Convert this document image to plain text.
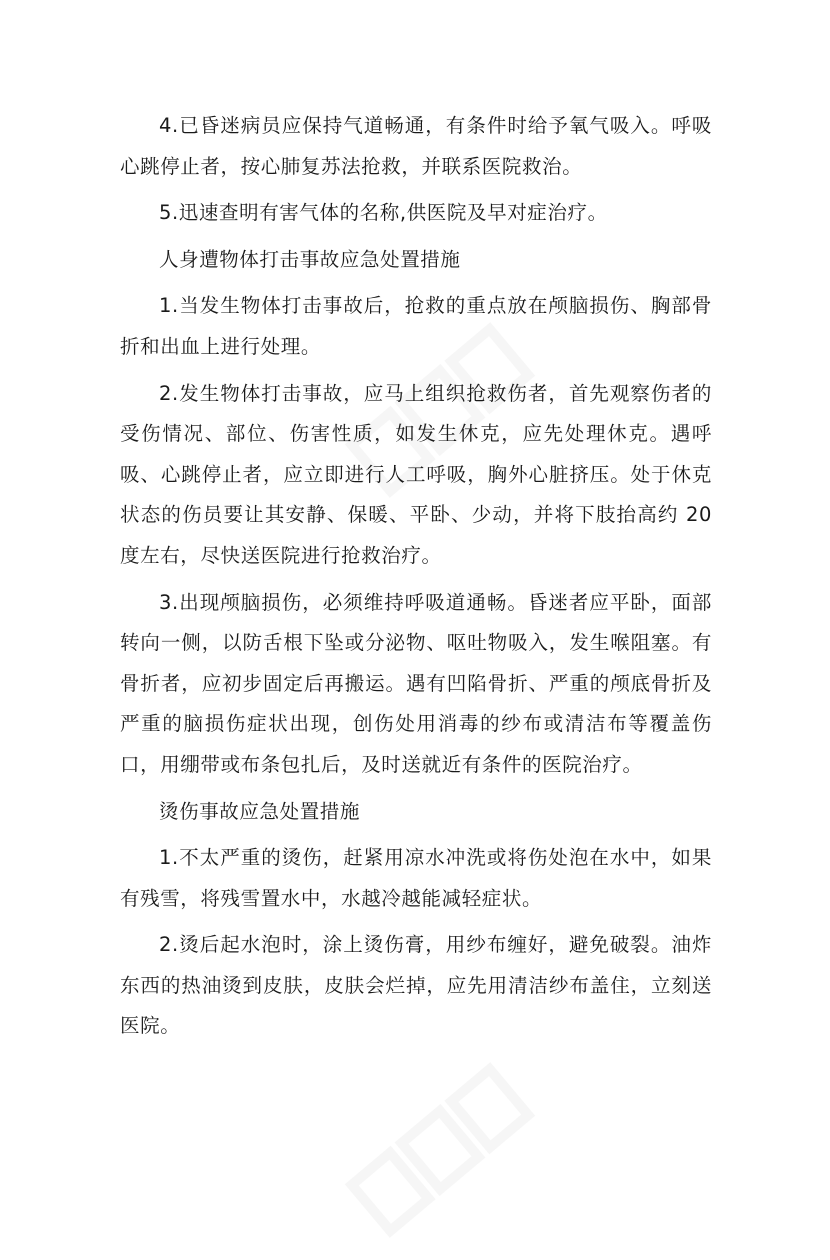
4.已昏迷病员应保持气道畅通，有条件时给予氧气吸入。呼吸心跳停止者，按心肺复苏法抢救，并联系医院救治。

5.迅速查明有害气体的名称,供医院及早对症治疗。

人身遭物体打击事故应急处置措施

1.当发生物体打击事故后，抢救的重点放在颅脑损伤、胸部骨折和出血上进行处理。

2.发生物体打击事故，应马上组织抢救伤者，首先观察伤者的受伤情况、部位、伤害性质，如发生休克，应先处理休克。遇呼吸、心跳停止者，应立即进行人工呼吸，胸外心脏挤压。处于休克状态的伤员要让其安静、保暖、平卧、少动，并将下肢抬高约 20 度左右，尽快送医院进行抢救治疗。

3.出现颅脑损伤，必须维持呼吸道通畅。昏迷者应平卧，面部转向一侧，以防舌根下坠或分泌物、呕吐物吸入，发生喉阻塞。有骨折者，应初步固定后再搬运。遇有凹陷骨折、严重的颅底骨折及严重的脑损伤症状出现，创伤处用消毒的纱布或清洁布等覆盖伤口，用绷带或布条包扎后，及时送就近有条件的医院治疗。

烫伤事故应急处置措施

1.不太严重的烫伤，赶紧用凉水冲洗或将伤处泡在水中，如果有残雪，将残雪置水中，水越冷越能减轻症状。

2.烫后起水泡时，涂上烫伤膏，用纱布缠好，避免破裂。油炸东西的热油烫到皮肤，皮肤会烂掉，应先用清洁纱布盖住，立刻送医院。
